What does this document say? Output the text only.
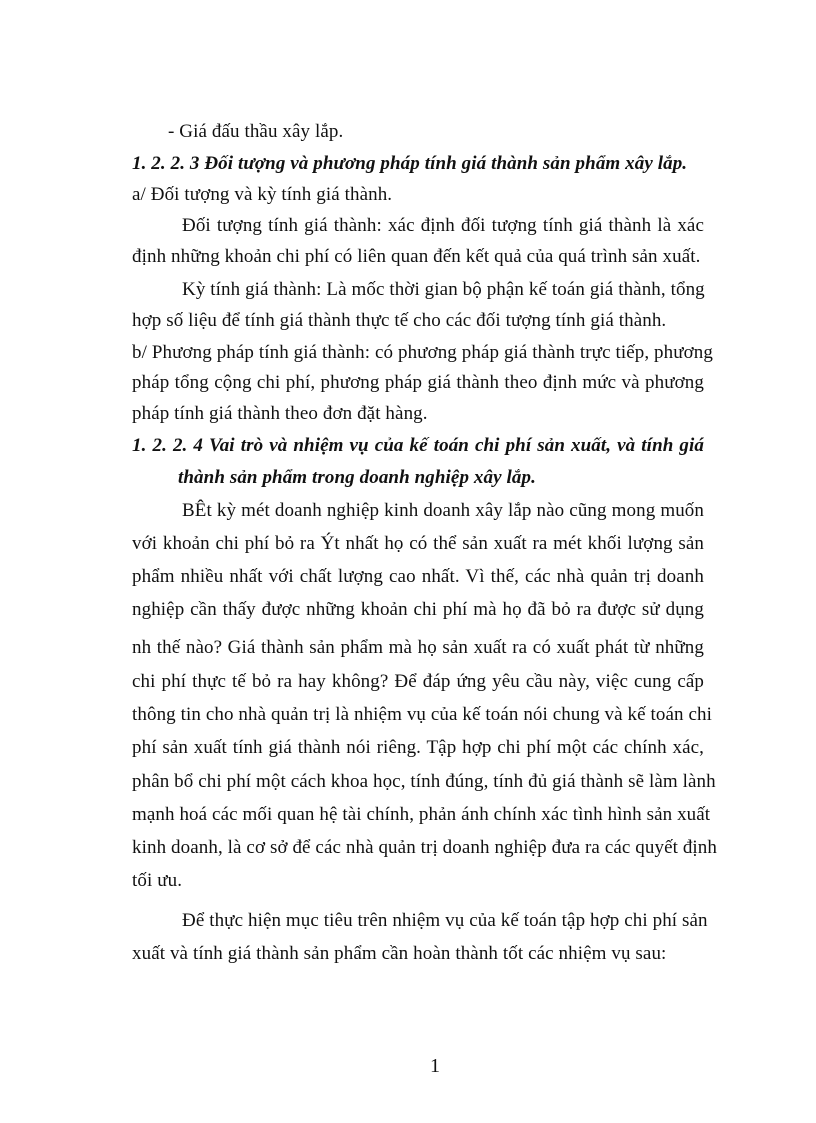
- Giá đấu thầu xây lắp.

1. 2. 2. 3 Đối tượng và phương pháp tính giá thành sản phẩm xây lắp.

a/ Đối tượng và kỳ tính giá thành.

Đối tượng tính giá thành: xác định đối tượng tính giá thành là xác

định những khoản chi phí có liên quan đến kết quả của quá trình sản xuất.

Kỳ tính giá thành: Là mốc thời gian bộ phận kế toán giá thành, tổng

hợp số liệu để tính giá thành thực tế cho các đối tượng tính giá thành.

b/ Phương pháp tính giá thành: có phương pháp giá thành trực tiếp, phương

pháp tổng cộng chi phí, phương pháp giá thành theo định mức và phương

pháp tính giá thành theo đơn đặt hàng.

1. 2. 2. 4 Vai trò và nhiệm vụ của kế toán chi phí sản xuất, và tính giá

thành sản phẩm trong doanh nghiệp xây lắp.

BÊt kỳ mét doanh nghiệp kinh doanh xây lắp nào cũng mong muốn

với khoản chi phí bỏ ra Ýt nhất họ có thể sản xuất ra mét khối lượng sản

phẩm nhiều nhất với chất lượng cao nhất. Vì thế, các nhà quản trị doanh

nghiệp cần thấy được những khoản chi phí mà họ đã bỏ ra được sử dụng

nh thế nào? Giá thành sản phẩm mà họ sản xuất ra có xuất phát từ những

chi phí thực tế bỏ ra hay không? Để đáp ứng yêu cầu này, việc cung cấp

thông tin cho nhà quản trị là nhiệm vụ của kế toán nói chung và kế toán chi

phí sản xuất tính giá thành nói riêng. Tập hợp chi phí một các chính xác,

phân bổ chi phí một cách khoa học, tính đúng, tính đủ giá thành sẽ làm lành

mạnh hoá các mối quan hệ tài chính, phản ánh chính xác tình hình sản xuất

kinh doanh, là cơ sở để các nhà quản trị doanh nghiệp đưa ra các quyết định

tối ưu.

Để thực hiện mục tiêu trên nhiệm vụ của kế toán tập hợp chi phí sản

xuất và tính giá thành sản phẩm cần hoàn thành tốt các nhiệm vụ sau:

1
